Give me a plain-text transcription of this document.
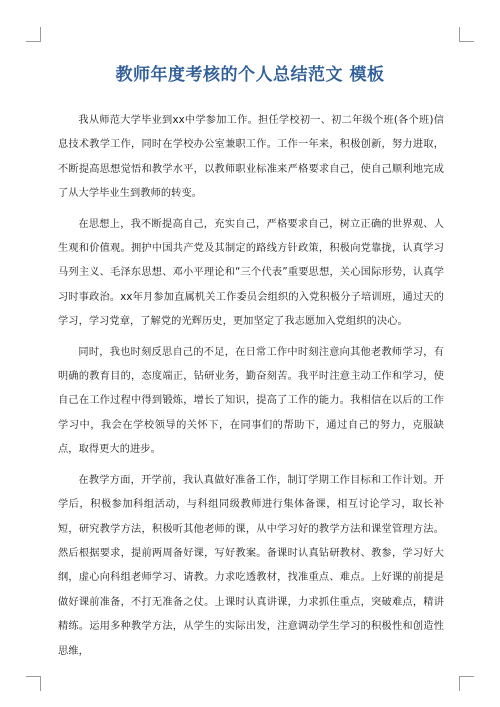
教师年度考核的个人总结范文 模板

我从师范大学毕业到xx中学参加工作。担任学校初一、初二年级个班(各个班)信息技术教学工作，同时在学校办公室兼职工作。工作一年来，积极创新，努力进取，不断提高思想觉悟和教学水平，以教师职业标准来严格要求自己，使自己顺利地完成了从大学毕业生到教师的转变。

在思想上，我不断提高自己，充实自己，严格要求自己，树立正确的世界观、人生观和价值观。拥护中国共产党及其制定的路线方针政策，积极向党靠拢，认真学习马列主义、毛泽东思想、邓小平理论和“三个代表”重要思想，关心国际形势，认真学习时事政治。xx年月参加直属机关工作委员会组织的入党积极分子培训班，通过天的学习，学习党章，了解党的光辉历史，更加坚定了我志愿加入党组织的决心。

同时，我也时刻反思自己的不足，在日常工作中时刻注意向其他老教师学习，有明确的教育目的，态度端正，钻研业务，勤奋刻苦。我平时注意主动工作和学习，使自己在工作过程中得到锻炼，增长了知识，提高了工作的能力。我相信在以后的工作学习中，我会在学校领导的关怀下，在同事们的帮助下，通过自己的努力，克服缺点，取得更大的进步。

在教学方面，开学前，我认真做好准备工作，制订学期工作目标和工作计划。开学后，积极参加科组活动，与科组同级教师进行集体备课，相互讨论学习，取长补短，研究教学方法，积极听其他老师的课，从中学习好的教学方法和课堂管理方法。然后根据要求，提前两周备好课，写好教案。备课时认真钻研教材、教参，学习好大纲，虚心向科组老师学习、请教。力求吃透教材，找准重点、难点。上好课的前提是做好课前准备，不打无准备之仗。上课时认真讲课，力求抓住重点，突破难点，精讲精练。运用多种教学方法，从学生的实际出发，注意调动学生学习的积极性和创造性思维，
